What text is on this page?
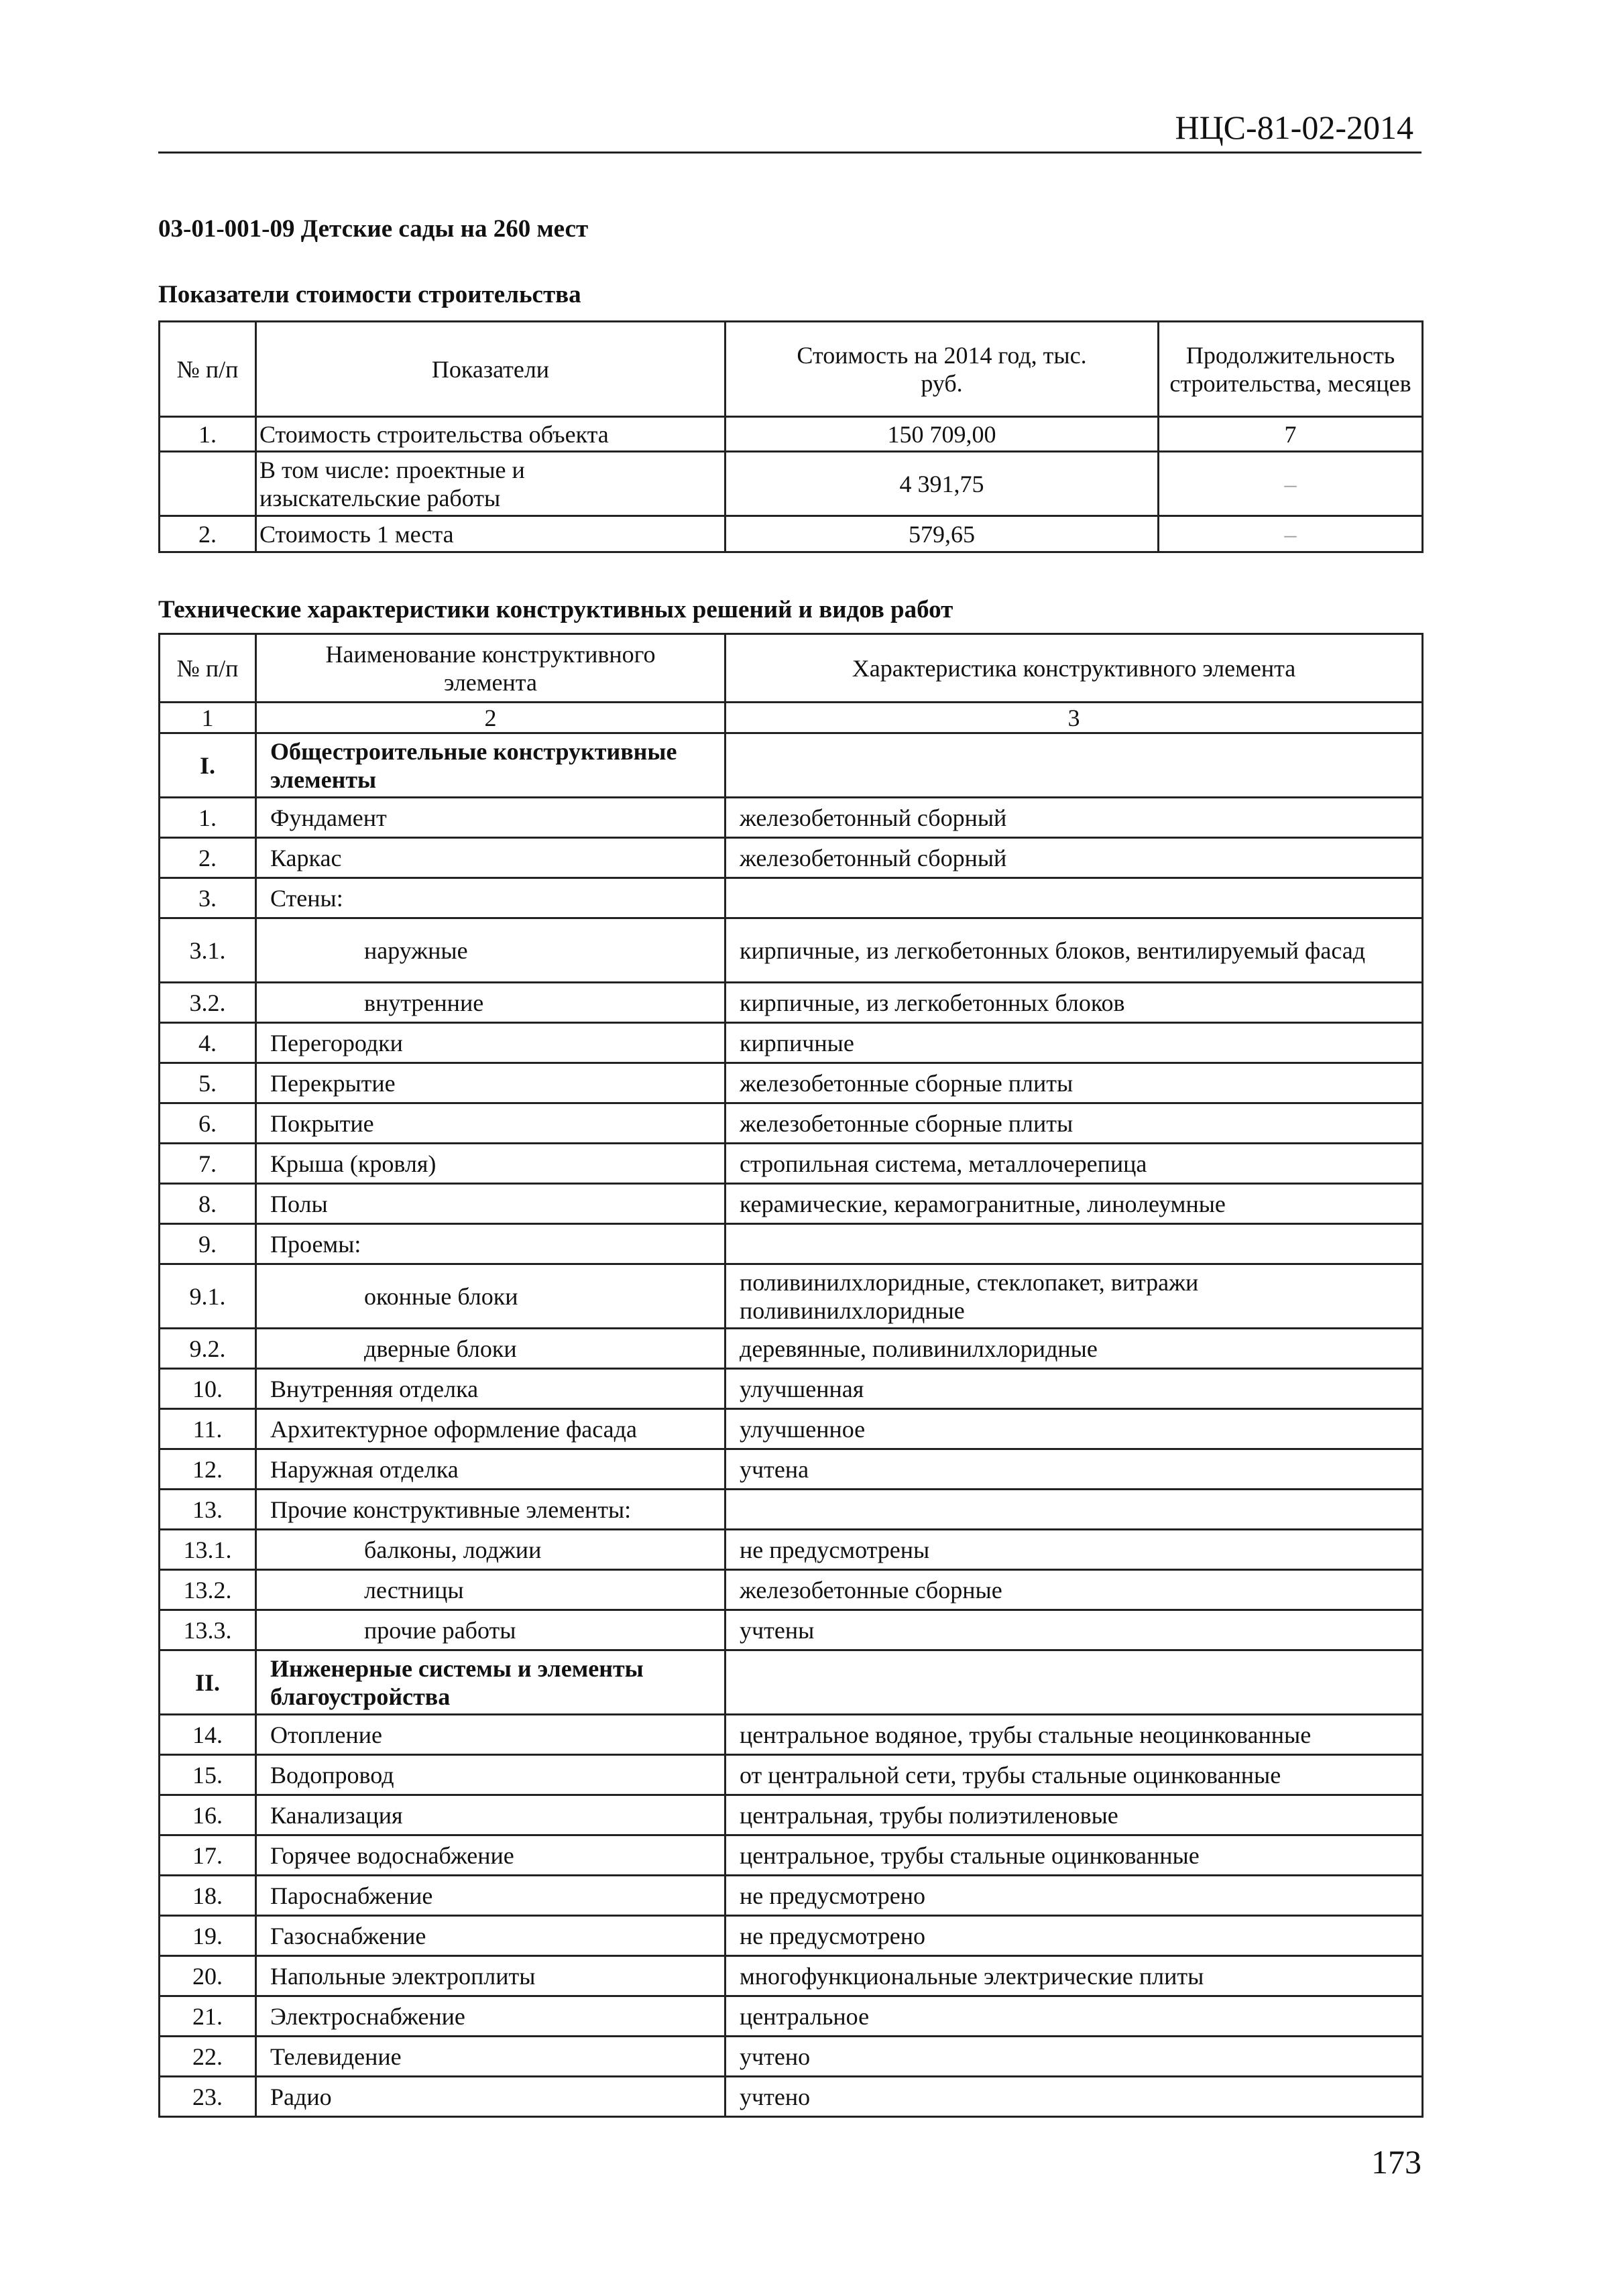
НЦС-81-02-2014
03-01-001-09 Детские сады на 260 мест
Показатели стоимости строительства
№ п/п	Показатели	Стоимость на 2014 год, тыс. руб.	Продолжительность строительства, месяцев
1.	Стоимость строительства объекта	150 709,00	7
	В том числе: проектные и изыскательские работы	4 391,75	–
2.	Стоимость 1 места	579,65	–
Технические характеристики конструктивных решений и видов работ
№ п/п	Наименование конструктивного элемента	Характеристика конструктивного элемента
1	2	3
I.	Общестроительные конструктивные элементы	
1.	Фундамент	железобетонный сборный
2.	Каркас	железобетонный сборный
3.	Стены:	
3.1.	наружные	кирпичные, из легкобетонных блоков, вентилируемый фасад
3.2.	внутренние	кирпичные, из легкобетонных блоков
4.	Перегородки	кирпичные
5.	Перекрытие	железобетонные сборные плиты
6.	Покрытие	железобетонные сборные плиты
7.	Крыша (кровля)	стропильная система, металлочерепица
8.	Полы	керамические, керамогранитные, линолеумные
9.	Проемы:	
9.1.	оконные блоки	поливинилхлоридные, стеклопакет, витражи поливинилхлоридные
9.2.	дверные блоки	деревянные, поливинилхлоридные
10.	Внутренняя отделка	улучшенная
11.	Архитектурное оформление фасада	улучшенное
12.	Наружная отделка	учтена
13.	Прочие конструктивные элементы:	
13.1.	балконы, лоджии	не предусмотрены
13.2.	лестницы	железобетонные сборные
13.3.	прочие работы	учтены
II.	Инженерные системы и элементы благоустройства	
14.	Отопление	центральное водяное, трубы стальные неоцинкованные
15.	Водопровод	от центральной сети, трубы стальные оцинкованные
16.	Канализация	центральная, трубы полиэтиленовые
17.	Горячее водоснабжение	центральное, трубы стальные оцинкованные
18.	Пароснабжение	не предусмотрено
19.	Газоснабжение	не предусмотрено
20.	Напольные электроплиты	многофункциональные электрические плиты
21.	Электроснабжение	центральное
22.	Телевидение	учтено
23.	Радио	учтено
173
